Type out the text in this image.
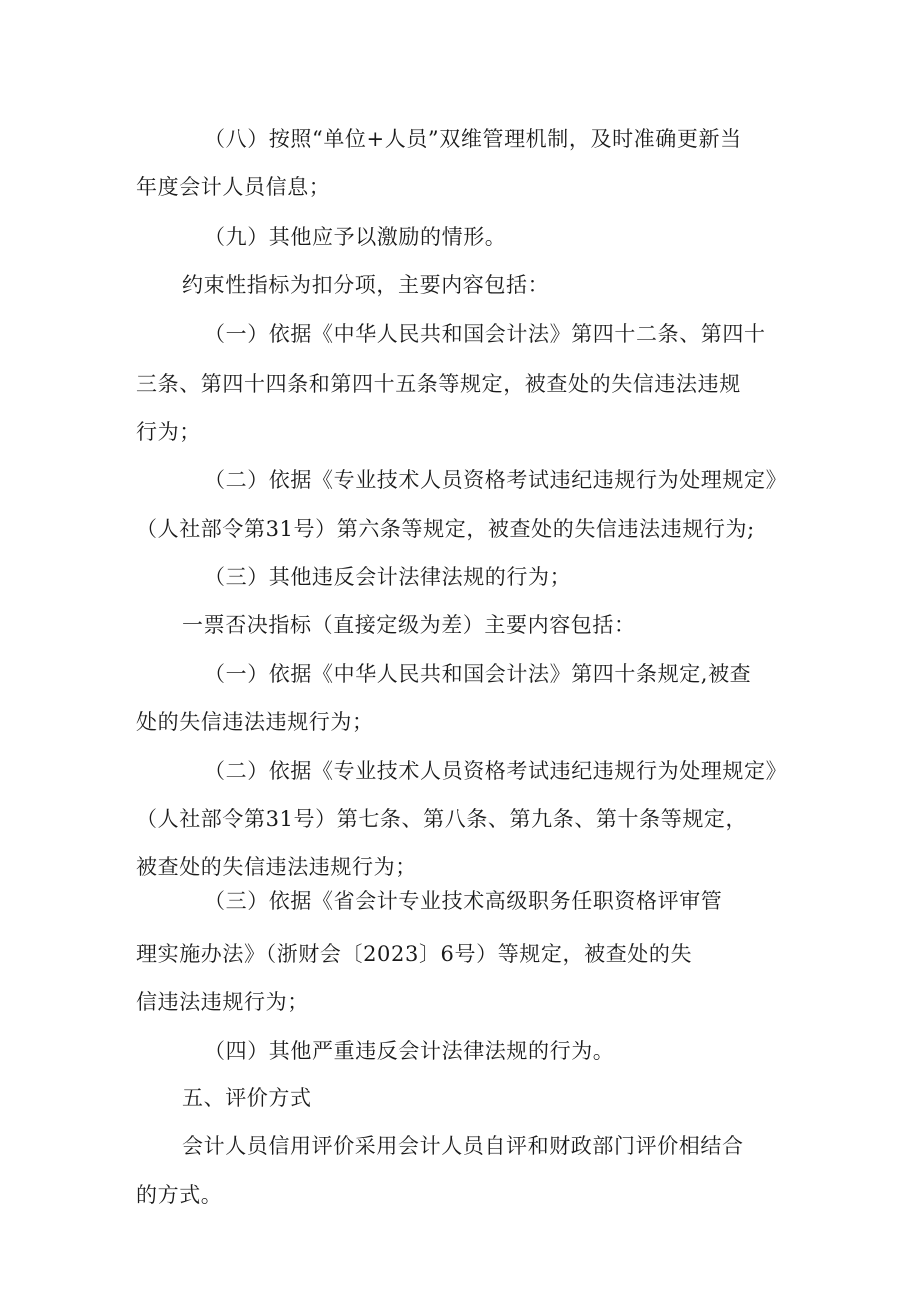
（八）按照“单位+人员”双维管理机制，及时准确更新当
年度会计人员信息；
（九）其他应予以激励的情形。
约束性指标为扣分项，主要内容包括：
（一）依据《中华人民共和国会计法》第四十二条、第四十
三条、第四十四条和第四十五条等规定，被查处的失信违法违规
行为；
（二）依据《专业技术人员资格考试违纪违规行为处理规定》
（人社部令第31号）第六条等规定，被查处的失信违法违规行为;
（三）其他违反会计法律法规的行为；
一票否决指标（直接定级为差）主要内容包括：
（一）依据《中华人民共和国会计法》第四十条规定,被查
处的失信违法违规行为；
（二）依据《专业技术人员资格考试违纪违规行为处理规定》
（人社部令第31号）第七条、第八条、第九条、第十条等规定，
被查处的失信违法违规行为；
（三）依据《省会计专业技术高级职务任职资格评审管
理实施办法》（浙财会〔2023〕6号）等规定，被查处的失
信违法违规行为；
（四）其他严重违反会计法律法规的行为。
五、评价方式
会计人员信用评价采用会计人员自评和财政部门评价相结合
的方式。
